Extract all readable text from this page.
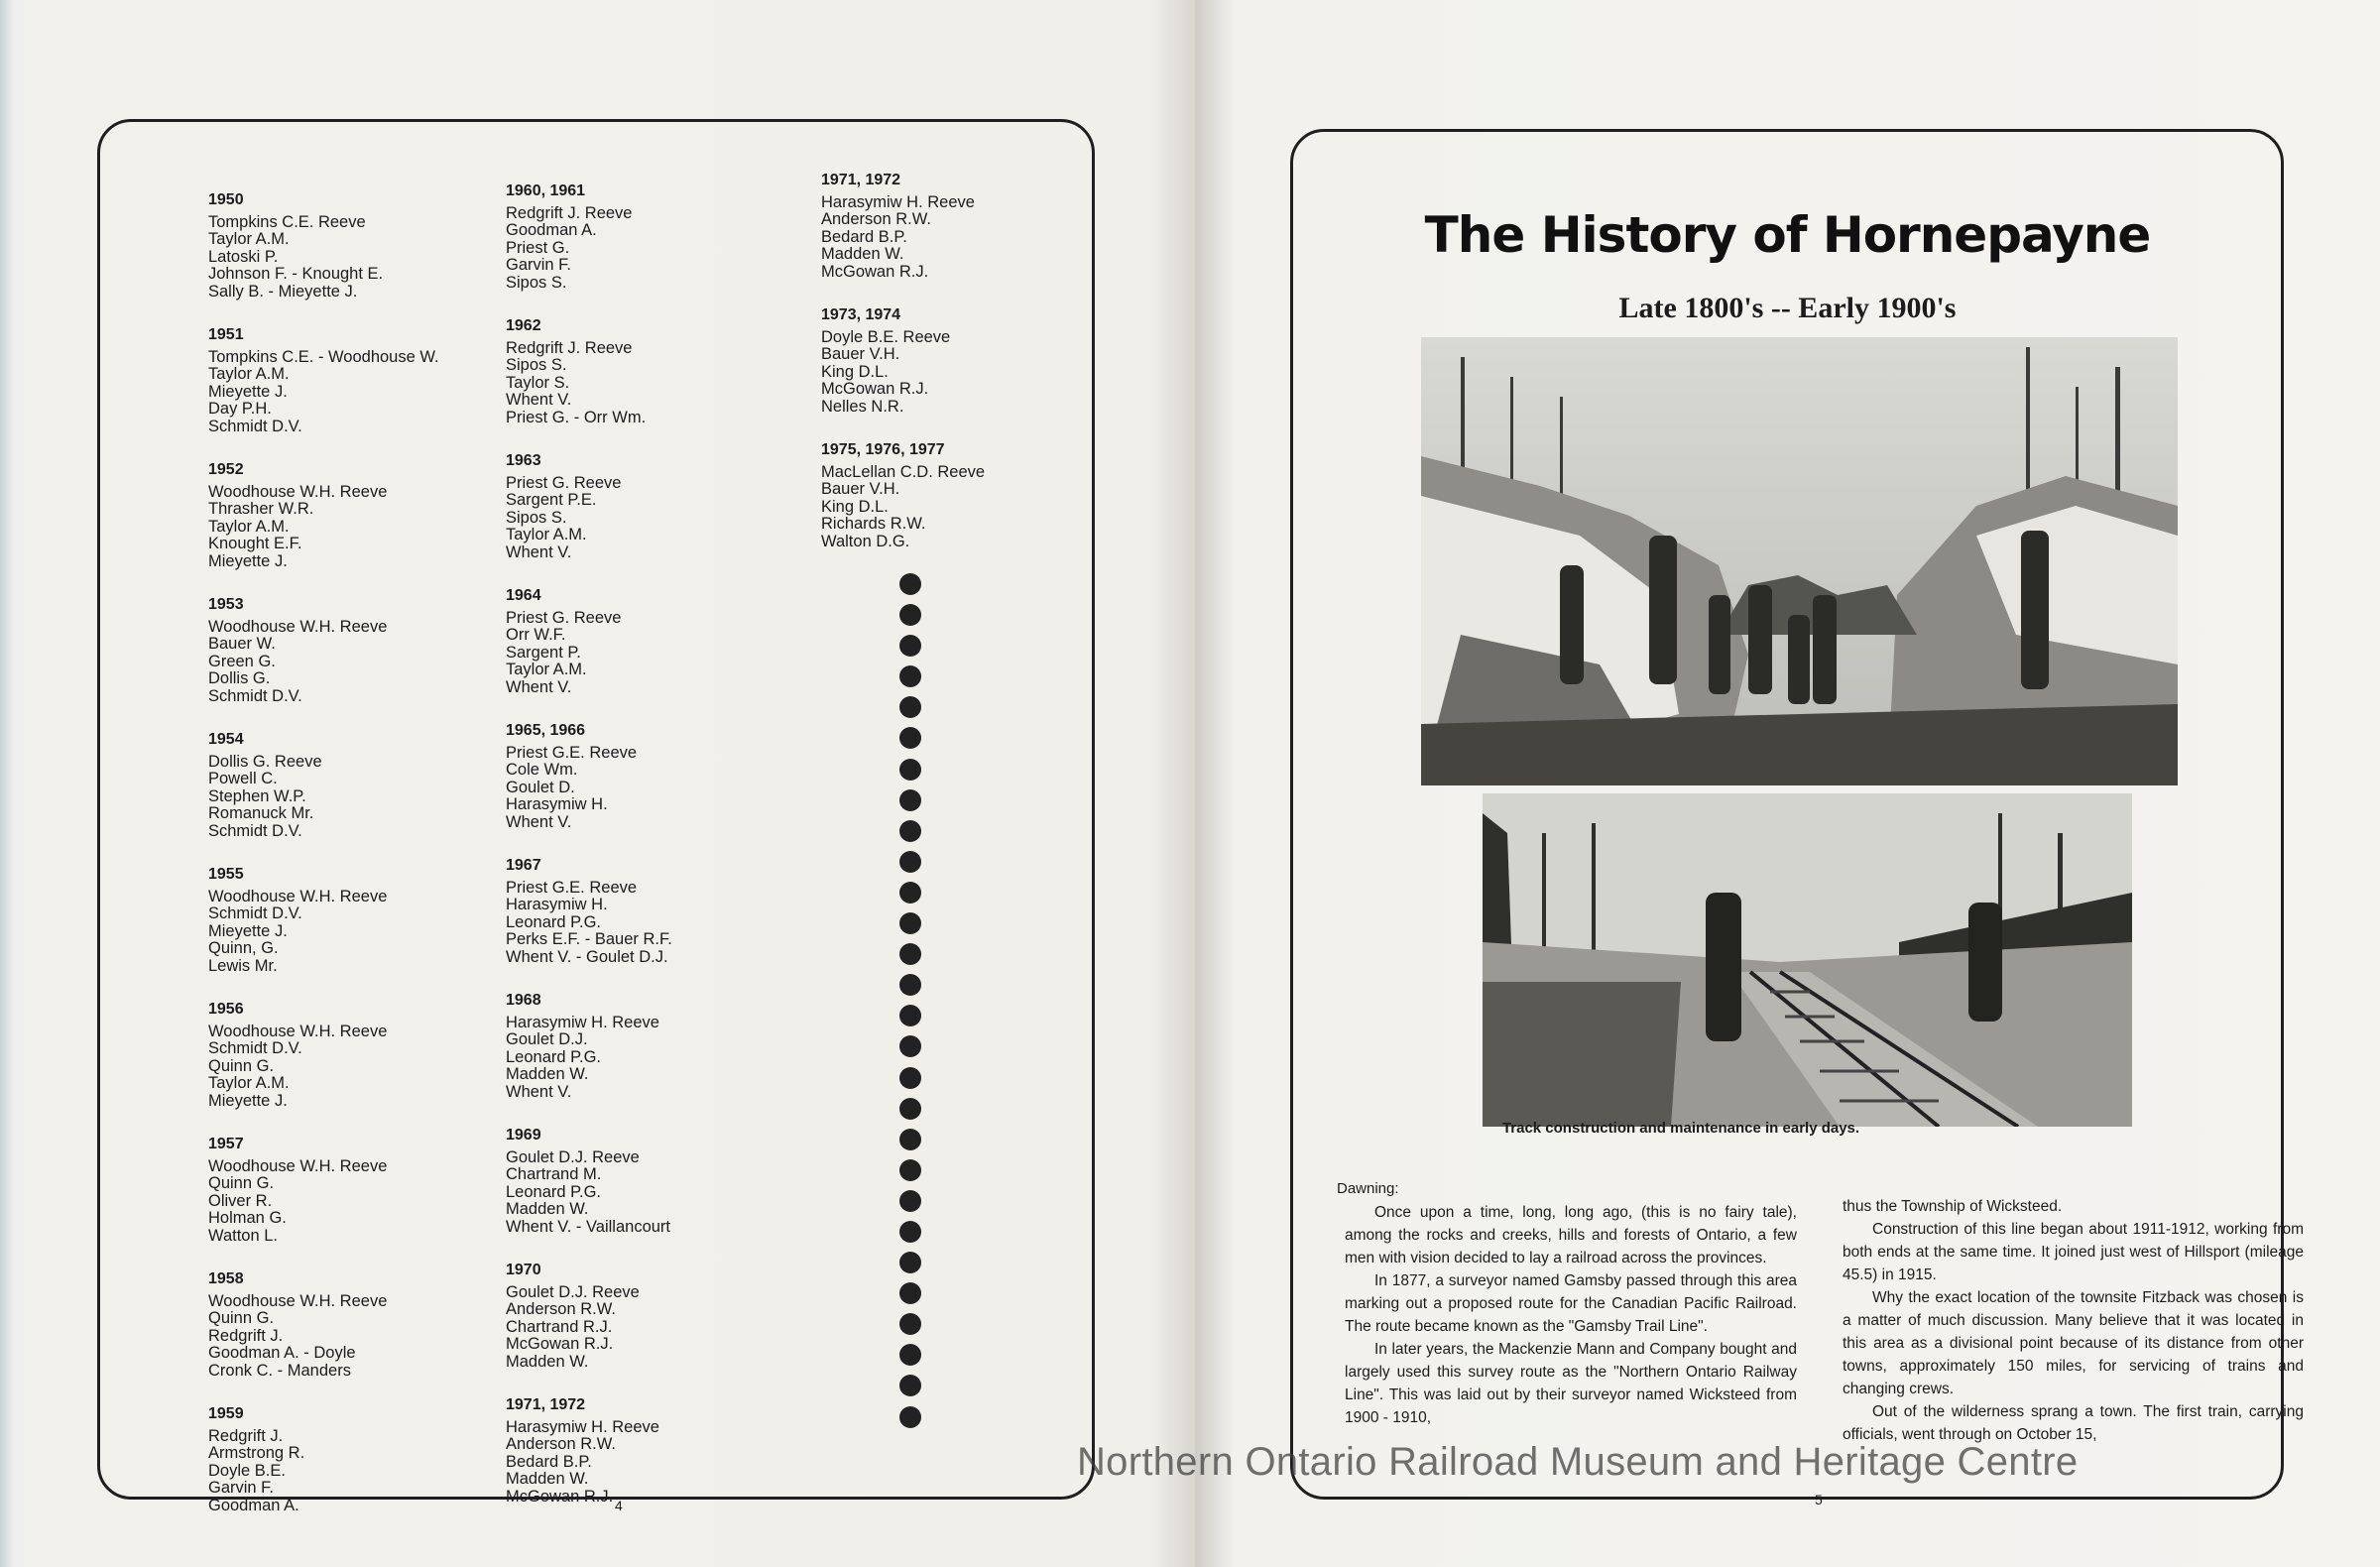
1950
Tompkins C.E. Reeve
Taylor A.M.
Latoski P.
Johnson F. - Knought E.
Sally B. - Mieyette J.
1951
Tompkins C.E. - Woodhouse W.
Taylor A.M.
Mieyette J.
Day P.H.
Schmidt D.V.
1952
Woodhouse W.H. Reeve
Thrasher W.R.
Taylor A.M.
Knought E.F.
Mieyette J.
1953
Woodhouse W.H. Reeve
Bauer W.
Green G.
Dollis G.
Schmidt D.V.
1954
Dollis G. Reeve
Powell C.
Stephen W.P.
Romanuck Mr.
Schmidt D.V.
1955
Woodhouse W.H. Reeve
Schmidt D.V.
Mieyette J.
Quinn, G.
Lewis Mr.
1956
Woodhouse W.H. Reeve
Schmidt D.V.
Quinn G.
Taylor A.M.
Mieyette J.
1957
Woodhouse W.H. Reeve
Quinn G.
Oliver R.
Holman G.
Watton L.
1958
Woodhouse W.H. Reeve
Quinn G.
Redgrift J.
Goodman A. - Doyle
Cronk C. - Manders
1959
Redgrift J.
Armstrong R.
Doyle B.E.
Garvin F.
Goodman A.
1960, 1961
Redgrift J. Reeve
Goodman A.
Priest G.
Garvin F.
Sipos S.
1962
Redgrift J. Reeve
Sipos S.
Taylor S.
Whent V.
Priest G. - Orr Wm.
1963
Priest G. Reeve
Sargent P.E.
Sipos S.
Taylor A.M.
Whent V.
1964
Priest G. Reeve
Orr W.F.
Sargent P.
Taylor A.M.
Whent V.
1965, 1966
Priest G.E. Reeve
Cole Wm.
Goulet D.
Harasymiw H.
Whent V.
1967
Priest G.E. Reeve
Harasymiw H.
Leonard P.G.
Perks E.F. - Bauer R.F.
Whent V. - Goulet D.J.
1968
Harasymiw H. Reeve
Goulet D.J.
Leonard P.G.
Madden W.
Whent V.
1969
Goulet D.J. Reeve
Chartrand M.
Leonard P.G.
Madden W.
Whent V. - Vaillancourt
1970
Goulet D.J. Reeve
Anderson R.W.
Chartrand R.J.
McGowan R.J.
Madden W.
1971, 1972
Harasymiw H. Reeve
Anderson R.W.
Bedard B.P.
Madden W.
McGowan R.J.
1971, 1972
Harasymiw H. Reeve
Anderson R.W.
Bedard B.P.
Madden W.
McGowan R.J.
1973, 1974
Doyle B.E. Reeve
Bauer V.H.
King D.L.
McGowan R.J.
Nelles N.R.
1975, 1976, 1977
MacLellan C.D. Reeve
Bauer V.H.
King D.L.
Richards R.W.
Walton D.G.
4
The History of Hornepayne
Late 1800's -- Early 1900's
Track construction and maintenance in early days.
Dawning:

Once upon a time, long, long ago, (this is no fairy tale), among the rocks and creeks, hills and forests of Ontario, a few men with vision decided to lay a railroad across the provinces.

In 1877, a surveyor named Gamsby passed through this area marking out a proposed route for the Canadian Pacific Railroad. The route became known as the "Gamsby Trail Line".

In later years, the Mackenzie Mann and Company bought and largely used this survey route as the "Northern Ontario Railway Line". This was laid out by their surveyor named Wicksteed from 1900 - 1910,

thus the Township of Wicksteed.

Construction of this line began about 1911-1912, working from both ends at the same time. It joined just west of Hillsport (mileage 45.5) in 1915.

Why the exact location of the townsite Fitzback was chosen is a matter of much discussion. Many believe that it was located in this area as a divisional point because of its distance from other towns, approximately 150 miles, for servicing of trains and changing crews.

Out of the wilderness sprang a town. The first train, carrying officials, went through on October 15,

5
Northern Ontario Railroad Museum and Heritage Centre
